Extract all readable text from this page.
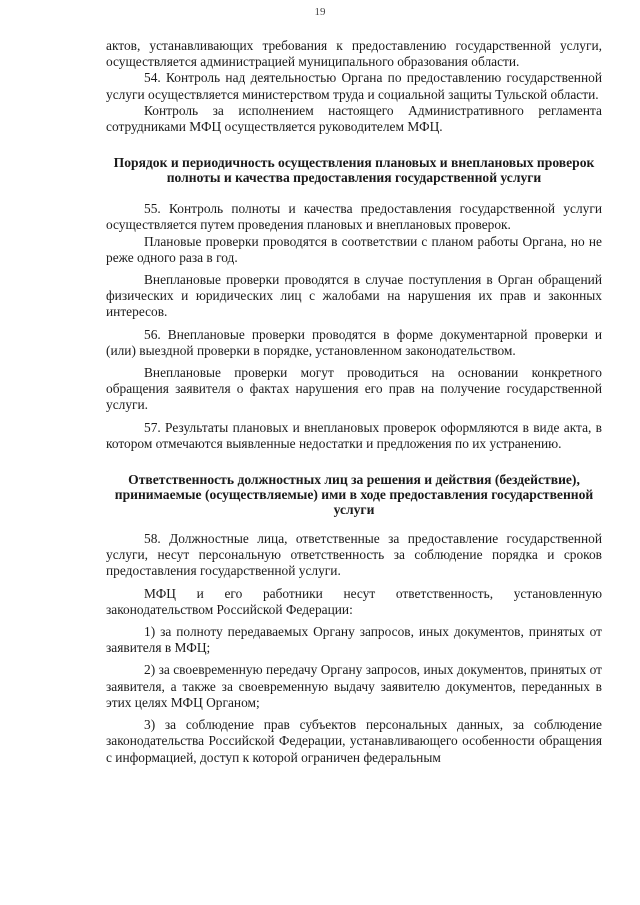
19

актов, устанавливающих требования к предоставлению государственной услуги, осуществляется администрацией муниципального образования области.

54. Контроль над деятельностью Органа по предоставлению государственной услуги осуществляется министерством труда и социальной защиты Тульской области.

Контроль за исполнением настоящего Административного регламента сотрудниками МФЦ осуществляется руководителем МФЦ.

Порядок и периодичность осуществления плановых и внеплановых проверок полноты и качества предоставления государственной услуги

55. Контроль полноты и качества предоставления государственной услуги осуществляется путем проведения плановых и внеплановых проверок.

Плановые проверки проводятся в соответствии с планом работы Органа, но не реже одного раза в год.

Внеплановые проверки проводятся в случае поступления в Орган обращений физических и юридических лиц с жалобами на нарушения их прав и законных интересов.

56. Внеплановые проверки проводятся в форме документарной проверки и (или) выездной проверки в порядке, установленном законодательством.

Внеплановые проверки могут проводиться на основании конкретного обращения заявителя о фактах нарушения его прав на получение государственной услуги.

57. Результаты плановых и внеплановых проверок оформляются в виде акта, в котором отмечаются выявленные недостатки и предложения по их устранению.

Ответственность должностных лиц за решения и действия (бездействие), принимаемые (осуществляемые) ими в ходе предоставления государственной услуги

58. Должностные лица, ответственные за предоставление государственной услуги, несут персональную ответственность за соблюдение порядка и сроков предоставления государственной услуги.

МФЦ и его работники несут ответственность, установленную законодательством Российской Федерации:

1) за полноту передаваемых Органу запросов, иных документов, принятых от заявителя в МФЦ;

2) за своевременную передачу Органу запросов, иных документов, принятых от заявителя, а также за своевременную выдачу заявителю документов, переданных в этих целях МФЦ Органом;

3) за соблюдение прав субъектов персональных данных, за соблюдение законодательства Российской Федерации, устанавливающего особенности обращения с информацией, доступ к которой ограничен федеральным
